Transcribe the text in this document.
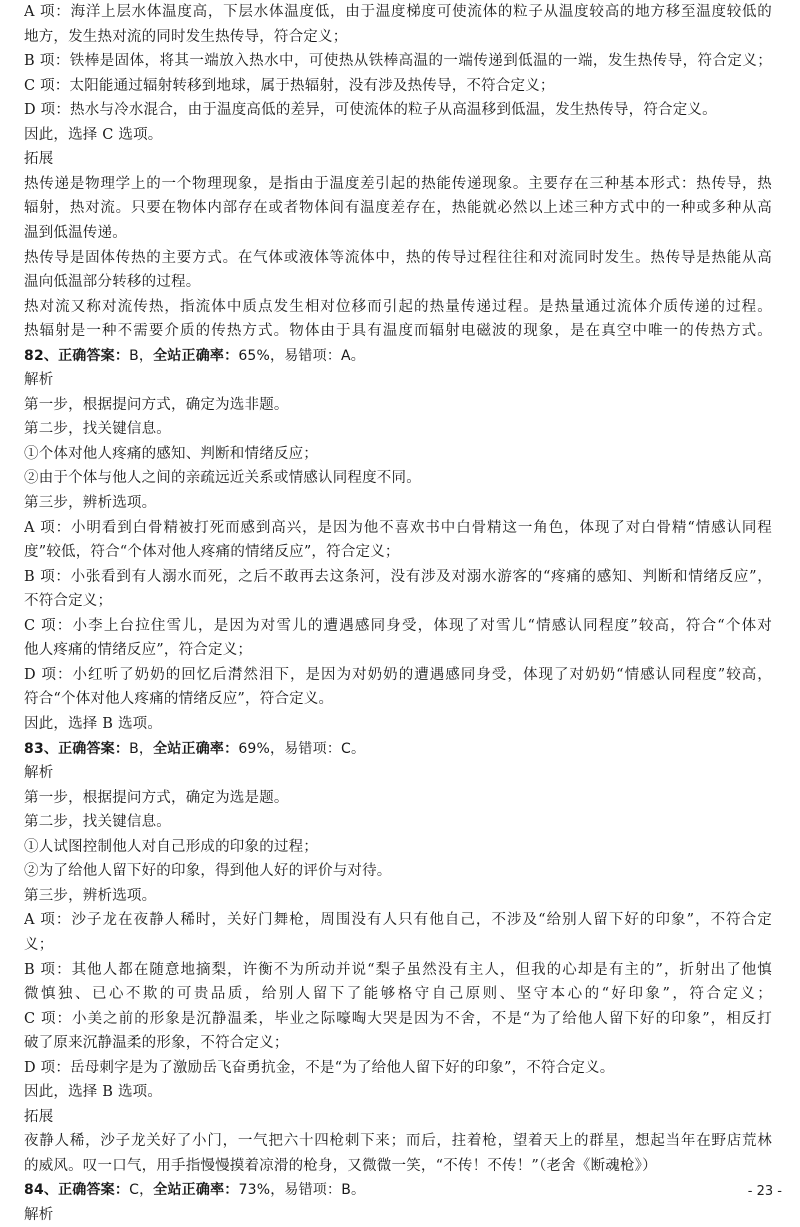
A 项：海洋上层水体温度高，下层水体温度低，由于温度梯度可使流体的粒子从温度较高的地方移至温度较低的
地方，发生热对流的同时发生热传导，符合定义；
B 项：铁棒是固体，将其一端放入热水中，可使热从铁棒高温的一端传递到低温的一端，发生热传导，符合定义；
C 项：太阳能通过辐射转移到地球，属于热辐射，没有涉及热传导，不符合定义；
D 项：热水与冷水混合，由于温度高低的差异，可使流体的粒子从高温移到低温，发生热传导，符合定义。
因此，选择 C 选项。
拓展
热传递是物理学上的一个物理现象，是指由于温度差引起的热能传递现象。主要存在三种基本形式：热传导，热
辐射，热对流。只要在物体内部存在或者物体间有温度差存在，热能就必然以上述三种方式中的一种或多种从高
温到低温传递。
热传导是固体传热的主要方式。在气体或液体等流体中，热的传导过程往往和对流同时发生。热传导是热能从高
温向低温部分转移的过程。
热对流又称对流传热，指流体中质点发生相对位移而引起的热量传递过程。是热量通过流体介质传递的过程。
热辐射是一种不需要介质的传热方式。物体由于具有温度而辐射电磁波的现象，是在真空中唯一的传热方式。
82、正确答案：B，全站正确率：65%，易错项：A。
解析
第一步，根据提问方式，确定为选非题。
第二步，找关键信息。
①个体对他人疼痛的感知、判断和情绪反应；
②由于个体与他人之间的亲疏远近关系或情感认同程度不同。
第三步，辨析选项。
A 项：小明看到白骨精被打死而感到高兴，是因为他不喜欢书中白骨精这一角色，体现了对白骨精“情感认同程
度”较低，符合“个体对他人疼痛的情绪反应”，符合定义；
B 项：小张看到有人溺水而死，之后不敢再去这条河，没有涉及对溺水游客的“疼痛的感知、判断和情绪反应”，
不符合定义；
C 项：小李上台拉住雪儿，是因为对雪儿的遭遇感同身受，体现了对雪儿“情感认同程度”较高，符合“个体对
他人疼痛的情绪反应”，符合定义；
D 项：小红听了奶奶的回忆后潸然泪下，是因为对奶奶的遭遇感同身受，体现了对奶奶“情感认同程度”较高，
符合“个体对他人疼痛的情绪反应”，符合定义。
因此，选择 B 选项。
83、正确答案：B，全站正确率：69%，易错项：C。
解析
第一步，根据提问方式，确定为选是题。
第二步，找关键信息。
①人试图控制他人对自己形成的印象的过程；
②为了给他人留下好的印象，得到他人好的评价与对待。
第三步，辨析选项。
A 项：沙子龙在夜静人稀时，关好门舞枪，周围没有人只有他自己，不涉及“给别人留下好的印象”，不符合定
义；
B 项：其他人都在随意地摘梨，许衡不为所动并说“梨子虽然没有主人，但我的心却是有主的”，折射出了他慎
微慎独、已心不欺的可贵品质，给别人留下了能够格守自己原则、坚守本心的“好印象”，符合定义；
C 项：小美之前的形象是沉静温柔，毕业之际嚎啕大哭是因为不舍，不是“为了给他人留下好的印象”，相反打
破了原来沉静温柔的形象，不符合定义；
D 项：岳母刺字是为了激励岳飞奋勇抗金，不是“为了给他人留下好的印象”，不符合定义。
因此，选择 B 选项。
拓展
夜静人稀，沙子龙关好了小门，一气把六十四枪刺下来；而后，拄着枪，望着天上的群星，想起当年在野店荒林
的威风。叹一口气，用手指慢慢摸着凉滑的枪身，又微微一笑，“不传！不传！”（老舍《断魂枪》）
84、正确答案：C，全站正确率：73%，易错项：B。
解析
- 23 -
